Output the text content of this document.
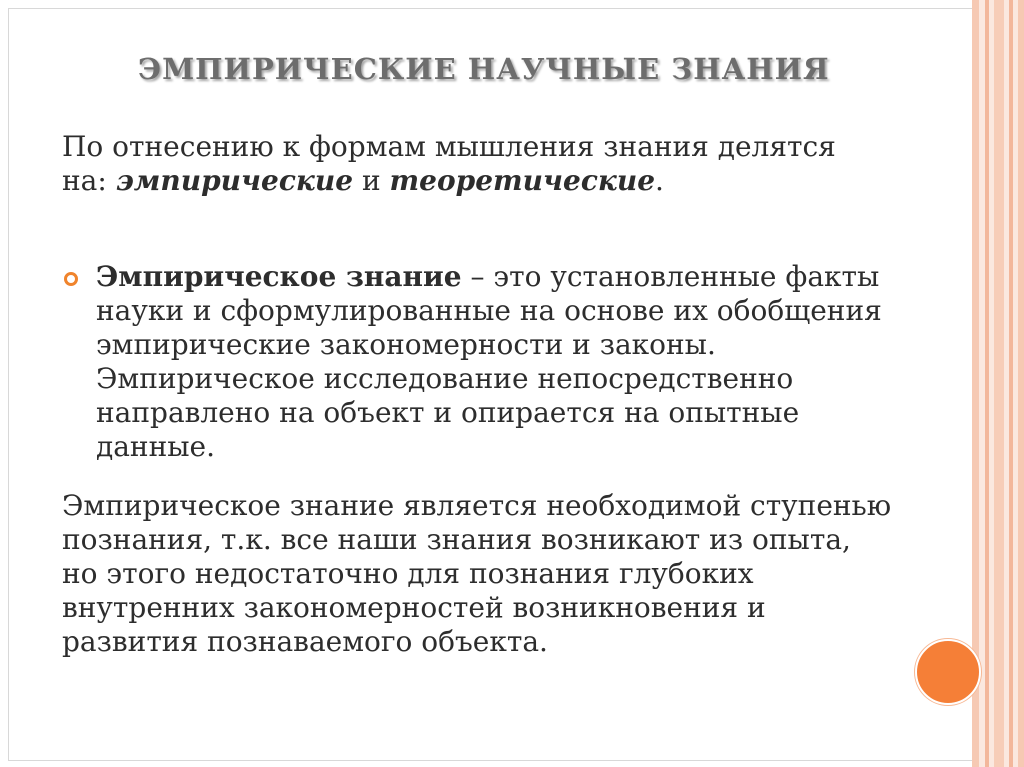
ЭМПИРИЧЕСКИЕ НАУЧНЫЕ ЗНАНИЯ
По отнесению к формам мышления знания делятся на: эмпирические и теоретические.
Эмпирическое знание – это установленные факты науки и сформулированные на основе их обобщения эмпирические закономерности и законы. Эмпирическое исследование непосредственно направлено на объект и опирается на опытные данные.
Эмпирическое знание является необходимой ступенью познания, т.к. все наши знания возникают из опыта, но этого недостаточно для познания глубоких внутренних закономерностей возникновения и развития познаваемого объекта.
